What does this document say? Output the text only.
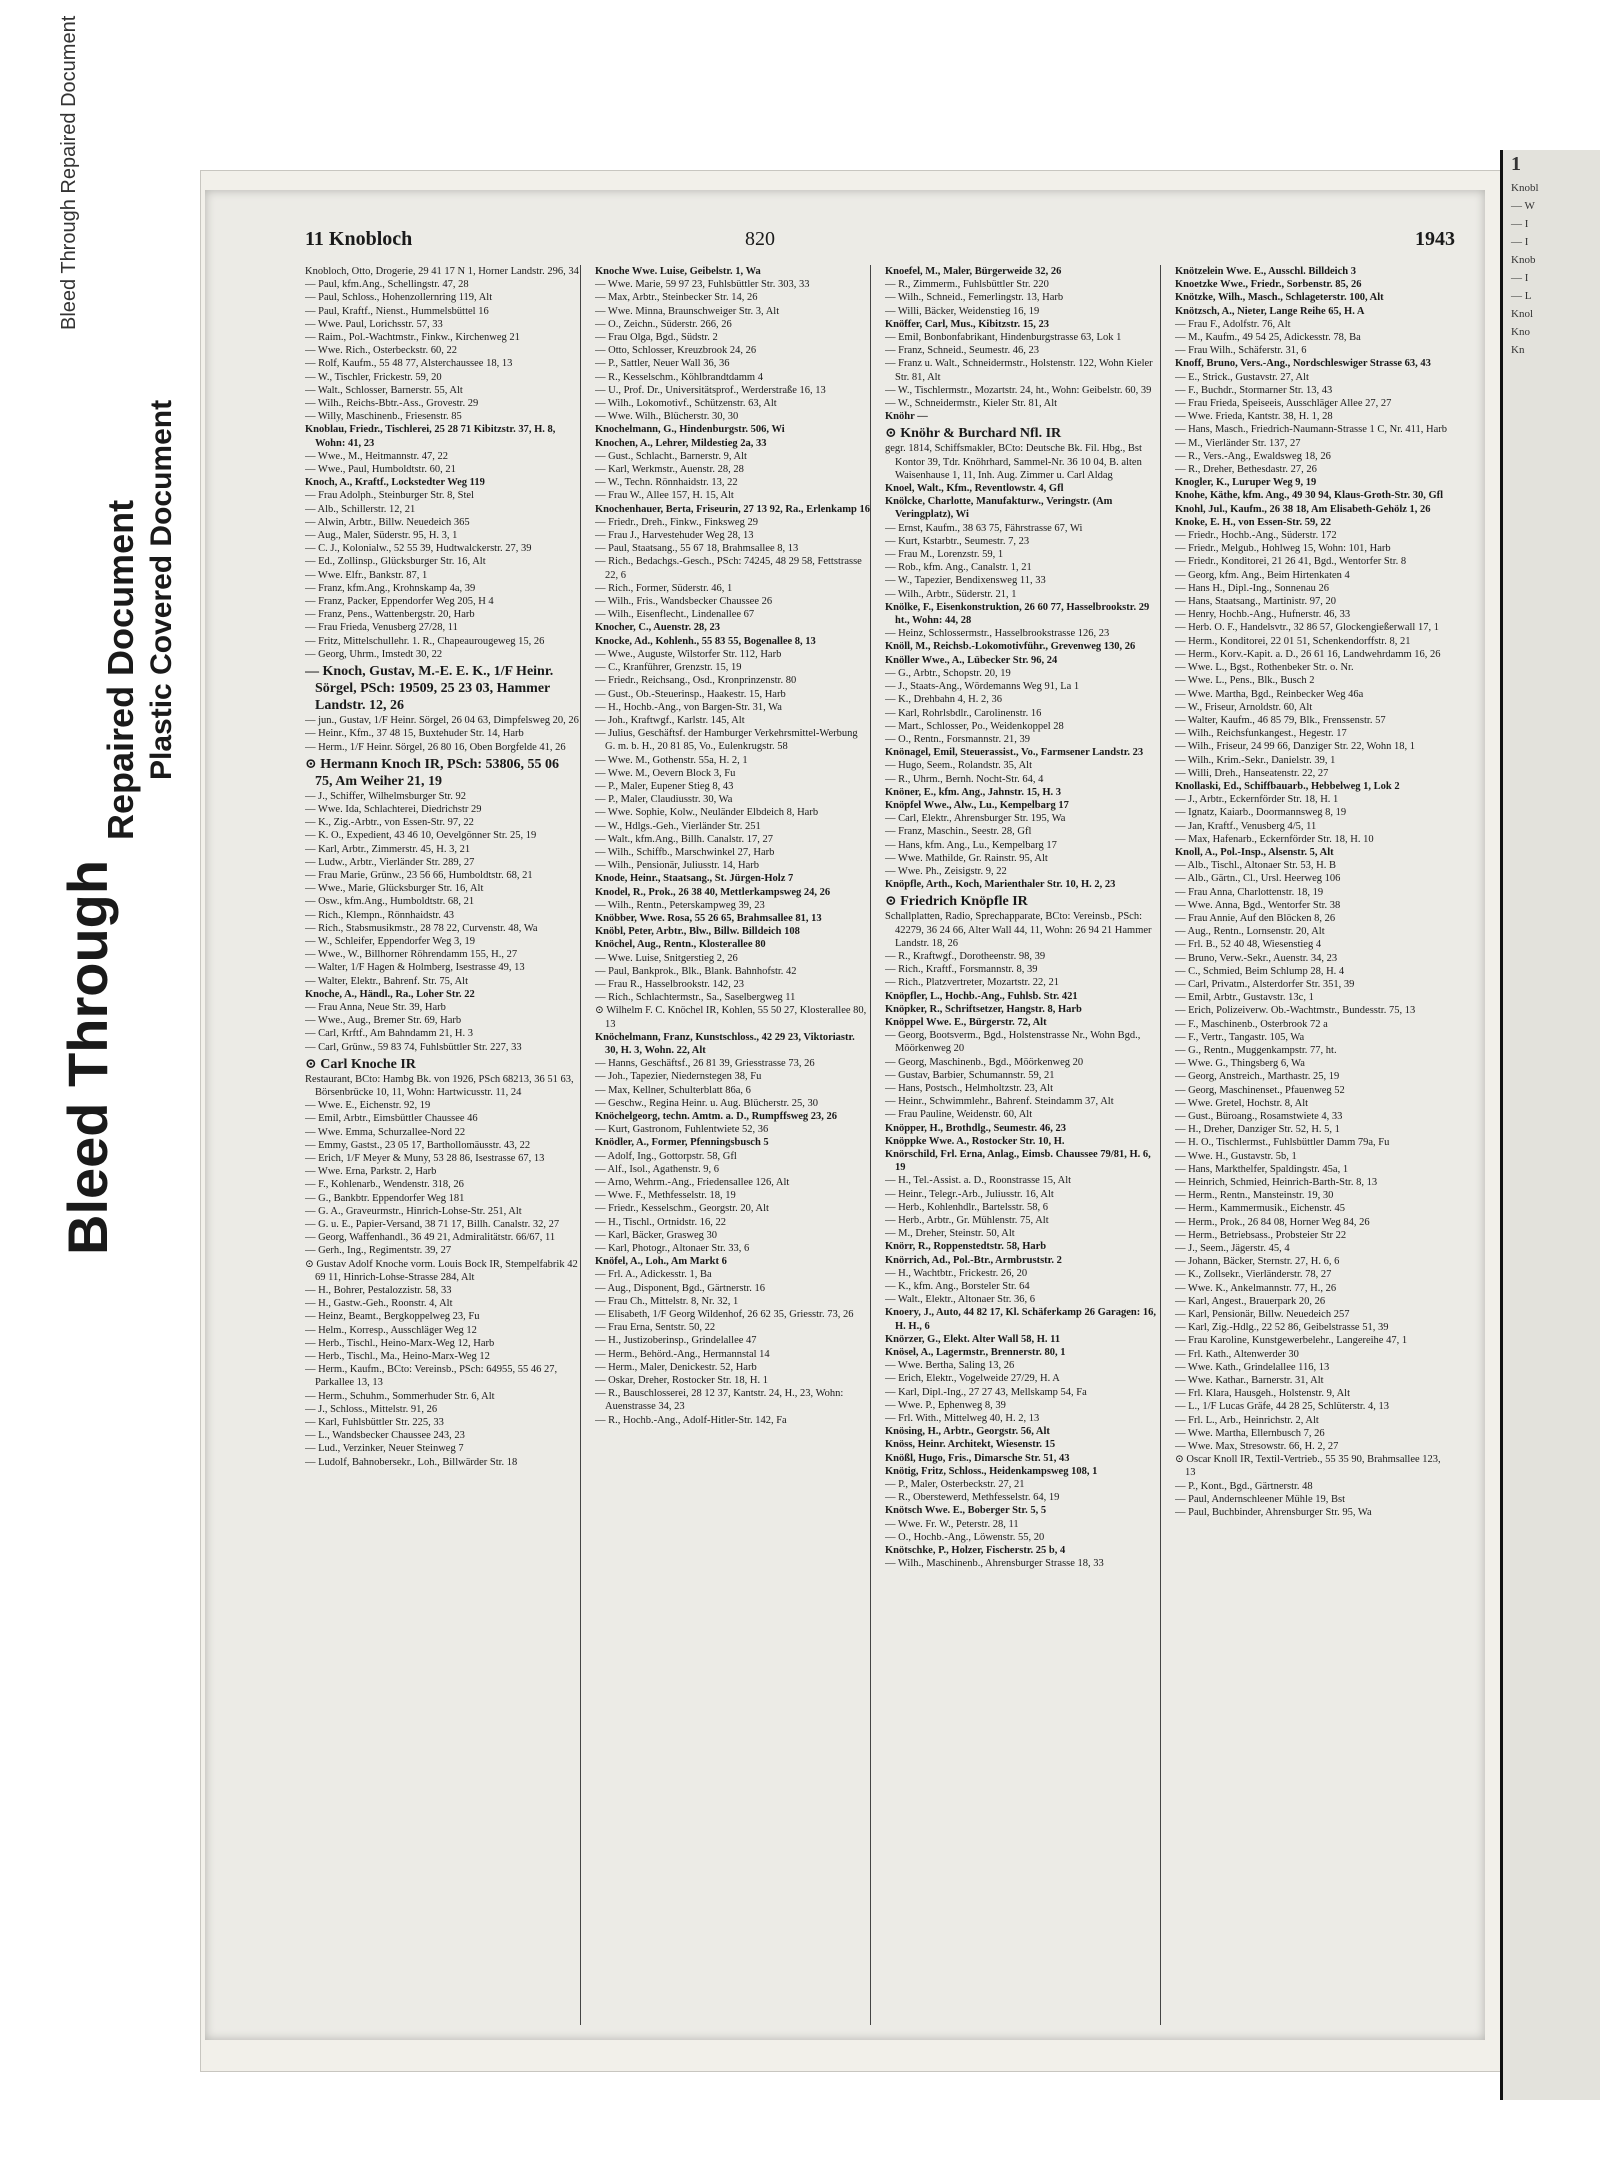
Bleed Through Repaired Document
Bleed Through
Repaired Document Plastic Covered Document
11 Knobloch	820	1943

Knobloch, Otto, Drogerie, 29 41 17 N 1, Horner Landstr. 296, 34

— Paul, kfm.Ang., Schellingstr. 47, 28

— Paul, Schloss., Hohenzollernring 119, Alt

— Paul, Kraftf., Nienst., Hummelsbüttel 16

— Wwe. Paul, Lorichsstr. 57, 33

— Raim., Pol.-Wachtmstr., Finkw., Kirchenweg 21

— Wwe. Rich., Osterbeckstr. 60, 22

— Rolf, Kaufm., 55 48 77, Alsterchaussee 18, 13

— W., Tischler, Frickestr. 59, 20

— Walt., Schlosser, Barnerstr. 55, Alt

— Wilh., Reichs-Bbtr.-Ass., Grovestr. 29

— Willy, Maschinenb., Friesenstr. 85

Knoblau, Friedr., Tischlerei, 25 28 71 Kibitzstr. 37, H. 8, Wohn: 41, 23

— Wwe., M., Heitmannstr. 47, 22

— Wwe., Paul, Humboldtstr. 60, 21

Knoch, A., Kraftf., Lockstedter Weg 119

— Frau Adolph., Steinburger Str. 8, Stel

— Alb., Schillerstr. 12, 21

— Alwin, Arbtr., Billw. Neuedeich 365

— Aug., Maler, Süderstr. 95, H. 3, 1

— C. J., Kolonialw., 52 55 39, Hudtwalckerstr. 27, 39

— Ed., Zollinsp., Glücksburger Str. 16, Alt

— Wwe. Elfr., Bankstr. 87, 1

— Franz, kfm.Ang., Krohnskamp 4a, 39

— Franz, Packer, Eppendorfer Weg 205, H 4

— Franz, Pens., Wattenbergstr. 20, Harb

— Frau Frieda, Venusberg 27/28, 11

— Fritz, Mittelschullehr. 1. R., Chapeaurougeweg 15, 26

— Georg, Uhrm., Imstedt 30, 22

— Knoch, Gustav, M.-E. E. K., 1/F Heinr. Sörgel, PSch: 19509, 25 23 03, Hammer Landstr. 12, 26

— jun., Gustav, 1/F Heinr. Sörgel, 26 04 63, Dimpfelsweg 20, 26

— Heinr., Kfm., 37 48 15, Buxtehuder Str. 14, Harb

— Herm., 1/F Heinr. Sörgel, 26 80 16, Oben Borgfelde 41, 26

⊙ Hermann Knoch IR, PSch: 53806, 55 06 75, Am Weiher 21, 19

— J., Schiffer, Wilhelmsburger Str. 92

— Wwe. Ida, Schlachterei, Diedrichstr 29

— K., Zig.-Arbtr., von Essen-Str. 97, 22

— K. O., Expedient, 43 46 10, Oevelgönner Str. 25, 19

— Karl, Arbtr., Zimmerstr. 45, H. 3, 21

— Ludw., Arbtr., Vierländer Str. 289, 27

— Frau Marie, Grünw., 23 56 66, Humboldtstr. 68, 21

— Wwe., Marie, Glücksburger Str. 16, Alt

— Osw., kfm.Ang., Humboldtstr. 68, 21

— Rich., Klempn., Rönnhaidstr. 43

— Rich., Stabsmusikmstr., 28 78 22, Curvenstr. 48, Wa

— W., Schleifer, Eppendorfer Weg 3, 19

— Wwe., W., Billhorner Röhrendamm 155, H., 27

— Walter, 1/F Hagen & Holmberg, Isestrasse 49, 13

— Walter, Elektr., Bahrenf. Str. 75, Alt

Knoche, A., Händl., Ra., Loher Str. 22

— Frau Anna, Neue Str. 39, Harb

— Wwe., Aug., Bremer Str. 69, Harb

— Carl, Krftf., Am Bahndamm 21, H. 3

— Carl, Grünw., 59 83 74, Fuhlsbüttler Str. 227, 33

⊙ Carl Knoche IR

Restaurant, BCto: Hambg Bk. von 1926, PSch 68213, 36 51 63, Börsenbrücke 10, 11, Wohn: Hartwicusstr. 11, 24

— Wwe. E., Eichenstr. 92, 19

— Emil, Arbtr., Eimsbüttler Chaussee 46

— Wwe. Emma, Schurzallee-Nord 22

— Emmy, Gastst., 23 05 17, Barthollomäusstr. 43, 22

— Erich, 1/F Meyer & Muny, 53 28 86, Isestrasse 67, 13

— Wwe. Erna, Parkstr. 2, Harb

— F., Kohlenarb., Wendenstr. 318, 26

— G., Bankbtr. Eppendorfer Weg 181

— G. A., Graveurmstr., Hinrich-Lohse-Str. 251, Alt

— G. u. E., Papier-Versand, 38 71 17, Billh. Canalstr. 32, 27

— Georg, Waffenhandl., 36 49 21, Admiralitätstr. 66/67, 11

— Gerh., Ing., Regimentstr. 39, 27

⊙ Gustav Adolf Knoche vorm. Louis Bock IR, Stempelfabrik 42 69 11, Hinrich-Lohse-Strasse 284, Alt

— H., Bohrer, Pestalozzistr. 58, 33

— H., Gastw.-Geh., Roonstr. 4, Alt

— Heinz, Beamt., Bergkoppelweg 23, Fu

— Helm., Korresp., Ausschläger Weg 12

— Herb., Tischl., Heino-Marx-Weg 12, Harb

— Herb., Tischl., Ma., Heino-Marx-Weg 12

— Herm., Kaufm., BCto: Vereinsb., PSch: 64955, 55 46 27, Parkallee 13, 13

— Herm., Schuhm., Sommerhuder Str. 6, Alt

— J., Schloss., Mittelstr. 91, 26

— Karl, Fuhlsbüttler Str. 225, 33

— L., Wandsbecker Chaussee 243, 23

— Lud., Verzinker, Neuer Steinweg 7

— Ludolf, Bahnobersekr., Loh., Billwärder Str. 18

Knoche Wwe. Luise, Geibelstr. 1, Wa

— Wwe. Marie, 59 97 23, Fuhlsbüttler Str. 303, 33

— Max, Arbtr., Steinbecker Str. 14, 26

— Wwe. Minna, Braunschweiger Str. 3, Alt

— O., Zeichn., Süderstr. 266, 26

— Frau Olga, Bgd., Südstr. 2

— Otto, Schlosser, Kreuzbrook 24, 26

— P., Sattler, Neuer Wall 36, 36

— R., Kesselschm., Köhlbrandtdamm 4

— U., Prof. Dr., Universitätsprof., Werderstraße 16, 13

— Wilh., Lokomotivf., Schützenstr. 63, Alt

— Wwe. Wilh., Blücherstr. 30, 30

Knochelmann, G., Hindenburgstr. 506, Wi

Knochen, A., Lehrer, Mildestieg 2a, 33

— Gust., Schlacht., Barnerstr. 9, Alt

— Karl, Werkmstr., Auenstr. 28, 28

— W., Techn. Rönnhaidstr. 13, 22

— Frau W., Allee 157, H. 15, Alt

Knochenhauer, Berta, Friseurin, 27 13 92, Ra., Erlenkamp 16

— Friedr., Dreh., Finkw., Finksweg 29

— Frau J., Harvestehuder Weg 28, 13

— Paul, Staatsang., 55 67 18, Brahmsallee 8, 13

— Rich., Bedachgs.-Gesch., PSch: 74245, 48 29 58, Fettstrasse 22, 6

— Rich., Former, Süderstr. 46, 1

— Wilh., Fris., Wandsbecker Chaussee 26

— Wilh., Eisenflecht., Lindenallee 67

Knocher, C., Auenstr. 28, 23

Knocke, Ad., Kohlenh., 55 83 55, Bogenallee 8, 13

— Wwe., Auguste, Wilstorfer Str. 112, Harb

— C., Kranführer, Grenzstr. 15, 19

— Friedr., Reichsang., Osd., Kronprinzenstr. 80

— Gust., Ob.-Steuerinsp., Haakestr. 15, Harb

— H., Hochb.-Ang., von Bargen-Str. 31, Wa

— Joh., Kraftwgf., Karlstr. 145, Alt

— Julius, Geschäftsf. der Hamburger Verkehrsmittel-Werbung G. m. b. H., 20 81 85, Vo., Eulenkrugstr. 58

— Wwe. M., Gothenstr. 55a, H. 2, 1

— Wwe. M., Oevern Block 3, Fu

— P., Maler, Eupener Stieg 8, 43

— P., Maler, Claudiusstr. 30, Wa

— Wwe. Sophie, Kolw., Neuländer Elbdeich 8, Harb

— W., Hdlgs.-Geh., Vierländer Str. 251

— Walt., kfm.Ang., Billh. Canalstr. 17, 27

— Wilh., Schiffb., Marschwinkel 27, Harb

— Wilh., Pensionär, Juliusstr. 14, Harb

Knode, Heinr., Staatsang., St. Jürgen-Holz 7

Knodel, R., Prok., 26 38 40, Mettlerkampsweg 24, 26

— Wilh., Rentn., Peterskampweg 39, 23

Knöbber, Wwe. Rosa, 55 26 65, Brahmsallee 81, 13

Knöbl, Peter, Arbtr., Blw., Billw. Billdeich 108

Knöchel, Aug., Rentn., Klosterallee 80

— Wwe. Luise, Snitgerstieg 2, 26

— Paul, Bankprok., Blk., Blank. Bahnhofstr. 42

— Frau R., Hasselbrookstr. 142, 23

— Rich., Schlachtermstr., Sa., Saselbergweg 11

⊙ Wilhelm F. C. Knöchel IR, Kohlen, 55 50 27, Klosterallee 80, 13

Knöchelmann, Franz, Kunstschloss., 42 29 23, Viktoriastr. 30, H. 3, Wohn. 22, Alt

— Hanns, Geschäftsf., 26 81 39, Griesstrasse 73, 26

— Joh., Tapezier, Niedernstegen 38, Fu

— Max, Kellner, Schulterblatt 86a, 6

— Geschw., Regina Heinr. u. Aug. Blücherstr. 25, 30

Knöchelgeorg, techn. Amtm. a. D., Rumpffsweg 23, 26

— Kurt, Gastronom, Fuhlentwiete 52, 36

Knödler, A., Former, Pfenningsbusch 5

— Adolf, Ing., Gottorpstr. 58, Gfl

— Alf., Isol., Agathenstr. 9, 6

— Arno, Wehrm.-Ang., Friedensallee 126, Alt

— Wwe. F., Methfesselstr. 18, 19

— Friedr., Kesselschm., Georgstr. 20, Alt

— H., Tischl., Ortnidstr. 16, 22

— Karl, Bäcker, Grasweg 30

— Karl, Photogr., Altonaer Str. 33, 6

Knöfel, A., Loh., Am Markt 6

— Frl. A., Adickesstr. 1, Ba

— Aug., Disponent, Bgd., Gärtnerstr. 16

— Frau Ch., Mittelstr. 8, Nr. 32, 1

— Elisabeth, 1/F Georg Wildenhof, 26 62 35, Griesstr. 73, 26

— Frau Erna, Sentstr. 50, 22

— H., Justizoberinsp., Grindelallee 47

— Herm., Behörd.-Ang., Hermannstal 14

— Herm., Maler, Denickestr. 52, Harb

— Oskar, Dreher, Rostocker Str. 18, H. 1

— R., Bauschlosserei, 28 12 37, Kantstr. 24, H., 23, Wohn: Auenstrasse 34, 23

— R., Hochb.-Ang., Adolf-Hitler-Str. 142, Fa

Knoefel, M., Maler, Bürgerweide 32, 26

— R., Zimmerm., Fuhlsbüttler Str. 220

— Wilh., Schneid., Femerlingstr. 13, Harb

— Willi, Bäcker, Weidenstieg 16, 19

Knöffer, Carl, Mus., Kibitzstr. 15, 23

— Emil, Bonbonfabrikant, Hindenburgstrasse 63, Lok 1

— Franz, Schneid., Seumestr. 46, 23

— Franz u. Walt., Schneidermstr., Holstenstr. 122, Wohn Kieler Str. 81, Alt

— W., Tischlermstr., Mozartstr. 24, ht., Wohn: Geibelstr. 60, 39

— W., Schneidermstr., Kieler Str. 81, Alt

Knöhr —

⊙ Knöhr & Burchard Nfl. IR

gegr. 1814, Schiffsmakler, BCto: Deutsche Bk. Fil. Hbg., Bst Kontor 39, Tdr. Knöhrhard, Sammel-Nr. 36 10 04, B. alten Waisenhause 1, 11, Inh. Aug. Zimmer u. Carl Aldag

Knoel, Walt., Kfm., Reventlowstr. 4, Gfl

Knölcke, Charlotte, Manufakturw., Veringstr. (Am Veringplatz), Wi

— Ernst, Kaufm., 38 63 75, Fährstrasse 67, Wi

— Kurt, Kstarbtr., Seumestr. 7, 23

— Frau M., Lorenzstr. 59, 1

— Rob., kfm. Ang., Canalstr. 1, 21

— W., Tapezier, Bendixensweg 11, 33

— Wilh., Arbtr., Süderstr. 21, 1

Knölke, F., Eisenkonstruktion, 26 60 77, Hasselbrookstr. 29 ht., Wohn: 44, 28

— Heinz, Schlossermstr., Hasselbrookstrasse 126, 23

Knöll, M., Reichsb.-Lokomotivführ., Grevenweg 130, 26

Knöller Wwe., A., Lübecker Str. 96, 24

— G., Arbtr., Schopstr. 20, 19

— J., Staats-Ang., Wördemanns Weg 91, La 1

— K., Drehbahn 4, H. 2, 36

— Karl, Rohrlsbdlr., Carolinenstr. 16

— Mart., Schlosser, Po., Weidenkoppel 28

— O., Rentn., Forsmannstr. 21, 39

Knönagel, Emil, Steuerassist., Vo., Farmsener Landstr. 23

— Hugo, Seem., Rolandstr. 35, Alt

— R., Uhrm., Bernh. Nocht-Str. 64, 4

Knöner, E., kfm. Ang., Jahnstr. 15, H. 3

Knöpfel Wwe., Alw., Lu., Kempelbarg 17

— Carl, Elektr., Ahrensburger Str. 195, Wa

— Franz, Maschin., Seestr. 28, Gfl

— Hans, kfm. Ang., Lu., Kempelbarg 17

— Wwe. Mathilde, Gr. Rainstr. 95, Alt

— Wwe. Ph., Zeisigstr. 9, 22

Knöpfle, Arth., Koch, Marienthaler Str. 10, H. 2, 23

⊙ Friedrich Knöpfle IR

Schallplatten, Radio, Sprechapparate, BCto: Vereinsb., PSch: 42279, 36 24 66, Alter Wall 44, 11, Wohn: 26 94 21 Hammer Landstr. 18, 26

— R., Kraftwgf., Dorotheenstr. 98, 39

— Rich., Kraftf., Forsmannstr. 8, 39

— Rich., Platzvertreter, Mozartstr. 22, 21

Knöpfler, L., Hochb.-Ang., Fuhlsb. Str. 421

Knöpker, R., Schriftsetzer, Hangstr. 8, Harb

Knöppel Wwe. E., Bürgerstr. 72, Alt

— Georg, Bootsverm., Bgd., Holstenstrasse Nr., Wohn Bgd., Möörkenweg 20

— Georg, Maschinenb., Bgd., Möörkenweg 20

— Gustav, Barbier, Schumannstr. 59, 21

— Hans, Postsch., Helmholtzstr. 23, Alt

— Heinr., Schwimmlehr., Bahrenf. Steindamm 37, Alt

— Frau Pauline, Weidenstr. 60, Alt

Knöpper, H., Brothdlg., Seumestr. 46, 23

Knöppke Wwe. A., Rostocker Str. 10, H.

Knörschild, Frl. Erna, Anlag., Eimsb. Chaussee 79/81, H. 6, 19

— H., Tel.-Assist. a. D., Roonstrasse 15, Alt

— Heinr., Telegr.-Arb., Juliusstr. 16, Alt

— Herb., Kohlenhdlr., Bartelsstr. 58, 6

— Herb., Arbtr., Gr. Mühlenstr. 75, Alt

— M., Dreher, Steinstr. 50, Alt

Knörr, R., Roppenstedtstr. 58, Harb

Knörrich, Ad., Pol.-Btr., Armbruststr. 2

— H., Wachtbtr., Frickestr. 26, 20

— K., kfm. Ang., Borsteler Str. 64

— Walt., Elektr., Altonaer Str. 36, 6

Knoery, J., Auto, 44 82 17, Kl. Schäferkamp 26 Garagen: 16, H. H., 6

Knörzer, G., Elekt. Alter Wall 58, H. 11

Knösel, A., Lagermstr., Brennerstr. 80, 1

— Wwe. Bertha, Saling 13, 26

— Erich, Elektr., Vogelweide 27/29, H. A

— Karl, Dipl.-Ing., 27 27 43, Mellskamp 54, Fa

— Wwe. P., Ephenweg 8, 39

— Frl. With., Mittelweg 40, H. 2, 13

Knösing, H., Arbtr., Georgstr. 56, Alt

Knöss, Heinr. Architekt, Wiesenstr. 15

Knößl, Hugo, Fris., Dimarsche Str. 51, 43

Knötig, Fritz, Schloss., Heidenkampsweg 108, 1

— P., Maler, Osterbeckstr. 27, 21

— R., Oberstewerd, Methfesselstr. 64, 19

Knötsch Wwe. E., Boberger Str. 5, 5

— Wwe. Fr. W., Peterstr. 28, 11

— O., Hochb.-Ang., Löwenstr. 55, 20

Knötschke, P., Holzer, Fischerstr. 25 b, 4

— Wilh., Maschinenb., Ahrensburger Strasse 18, 33

Knötzelein Wwe. E., Ausschl. Billdeich 3

Knoetzke Wwe., Friedr., Sorbenstr. 85, 26

Knötzke, Wilh., Masch., Schlageterstr. 100, Alt

Knötzsch, A., Nieter, Lange Reihe 65, H. A

— Frau F., Adolfstr. 76, Alt

— M., Kaufm., 49 54 25, Adickesstr. 78, Ba

— Frau Wilh., Schäferstr. 31, 6

Knoff, Bruno, Vers.-Ang., Nordschleswiger Strasse 63, 43

— E., Strick., Gustavstr. 27, Alt

— F., Buchdr., Stormarner Str. 13, 43

— Frau Frieda, Speiseeis, Ausschläger Allee 27, 27

— Wwe. Frieda, Kantstr. 38, H. 1, 28

— Hans, Masch., Friedrich-Naumann-Strasse 1 C, Nr. 411, Harb

— M., Vierländer Str. 137, 27

— R., Vers.-Ang., Ewaldsweg 18, 26

— R., Dreher, Bethesdastr. 27, 26

Knogler, K., Luruper Weg 9, 19

Knohe, Käthe, kfm. Ang., 49 30 94, Klaus-Groth-Str. 30, Gfl

Knohl, Jul., Kaufm., 26 38 18, Am Elisabeth-Gehölz 1, 26

Knoke, E. H., von Essen-Str. 59, 22

— Friedr., Hochb.-Ang., Süderstr. 172

— Friedr., Melgub., Hohlweg 15, Wohn: 101, Harb

— Friedr., Konditorei, 21 26 41, Bgd., Wentorfer Str. 8

— Georg, kfm. Ang., Beim Hirtenkaten 4

— Hans H., Dipl.-Ing., Sonnenau 26

— Hans, Staatsang., Martinistr. 97, 20

— Henry, Hochb.-Ang., Hufnerstr. 46, 33

— Herb. O. F., Handelsvtr., 32 86 57, Glockengießerwall 17, 1

— Herm., Konditorei, 22 01 51, Schenkendorffstr. 8, 21

— Herm., Korv.-Kapit. a. D., 26 61 16, Landwehrdamm 16, 26

— Wwe. L., Bgst., Rothenbeker Str. o. Nr.

— Wwe. L., Pens., Blk., Busch 2

— Wwe. Martha, Bgd., Reinbecker Weg 46a

— W., Friseur, Arnoldstr. 60, Alt

— Walter, Kaufm., 46 85 79, Blk., Frenssenstr. 57

— Wilh., Reichsfunkangest., Hegestr. 17

— Wilh., Friseur, 24 99 66, Danziger Str. 22, Wohn 18, 1

— Wilh., Krim.-Sekr., Danielstr. 39, 1

— Willi, Dreh., Hanseatenstr. 22, 27

Knollaski, Ed., Schiffbauarb., Hebbelweg 1, Lok 2

— J., Arbtr., Eckernförder Str. 18, H. 1

— Ignatz, Kaiarb., Doormannsweg 8, 19

— Jan, Kraftf., Venusberg 4/5, 11

— Max, Hafenarb., Eckernförder Str. 18, H. 10

Knoll, A., Pol.-Insp., Alsenstr. 5, Alt

— Alb., Tischl., Altonaer Str. 53, H. B

— Alb., Gärtn., Cl., Ursl. Heerweg 106

— Frau Anna, Charlottenstr. 18, 19

— Wwe. Anna, Bgd., Wentorfer Str. 38

— Frau Annie, Auf den Blöcken 8, 26

— Aug., Rentn., Lornsenstr. 20, Alt

— Frl. B., 52 40 48, Wiesenstieg 4

— Bruno, Verw.-Sekr., Auenstr. 34, 23

— C., Schmied, Beim Schlump 28, H. 4

— Carl, Privatm., Alsterdorfer Str. 351, 39

— Emil, Arbtr., Gustavstr. 13c, 1

— Erich, Polizeiverw. Ob.-Wachtmstr., Bundesstr. 75, 13

— F., Maschinenb., Osterbrook 72 a

— F., Vertr., Tangastr. 105, Wa

— G., Rentn., Muggenkampstr. 77, ht.

— Wwe. G., Thingsberg 6, Wa

— Georg, Anstreich., Marthastr. 25, 19

— Georg, Maschinenset., Pfauenweg 52

— Wwe. Gretel, Hochstr. 8, Alt

— Gust., Büroang., Rosamstwiete 4, 33

— H., Dreher, Danziger Str. 52, H. 5, 1

— H. O., Tischlermst., Fuhlsbüttler Damm 79a, Fu

— Wwe. H., Gustavstr. 5b, 1

— Hans, Markthelfer, Spaldingstr. 45a, 1

— Heinrich, Schmied, Heinrich-Barth-Str. 8, 13

— Herm., Rentn., Mansteinstr. 19, 30

— Herm., Kammermusik., Eichenstr. 45

— Herm., Prok., 26 84 08, Horner Weg 84, 26

— Herm., Betriebsass., Probsteier Str 22

— J., Seem., Jägerstr. 45, 4

— Johann, Bäcker, Sternstr. 27, H. 6, 6

— K., Zollsekr., Vierländerstr. 78, 27

— Wwe. K., Ankelmannstr. 77, H., 26

— Karl, Angest., Brauerpark 20, 26

— Karl, Pensionär, Billw. Neuedeich 257

— Karl, Zig.-Hdlg., 22 52 86, Geibelstrasse 51, 39

— Frau Karoline, Kunstgewerbelehr., Langereihe 47, 1

— Frl. Kath., Altenwerder 30

— Wwe. Kath., Grindelallee 116, 13

— Wwe. Kathar., Barnerstr. 31, Alt

— Frl. Klara, Hausgeh., Holstenstr. 9, Alt

— L., 1/F Lucas Gräfe, 44 28 25, Schlüterstr. 4, 13

— Frl. L., Arb., Heinrichstr. 2, Alt

— Wwe. Martha, Ellernbusch 7, 26

— Wwe. Max, Stresowstr. 66, H. 2, 27

⊙ Oscar Knoll IR, Textil-Vertrieb., 55 35 90, Brahmsallee 123, 13

— P., Kont., Bgd., Gärtnerstr. 48

— Paul, Andernschleener Mühle 19, Bst

— Paul, Buchbinder, Ahrensburger Str. 95, Wa

1
Knobl
— W
— I
— I
Knob
— I
— L
Knol
Kno
Kn
